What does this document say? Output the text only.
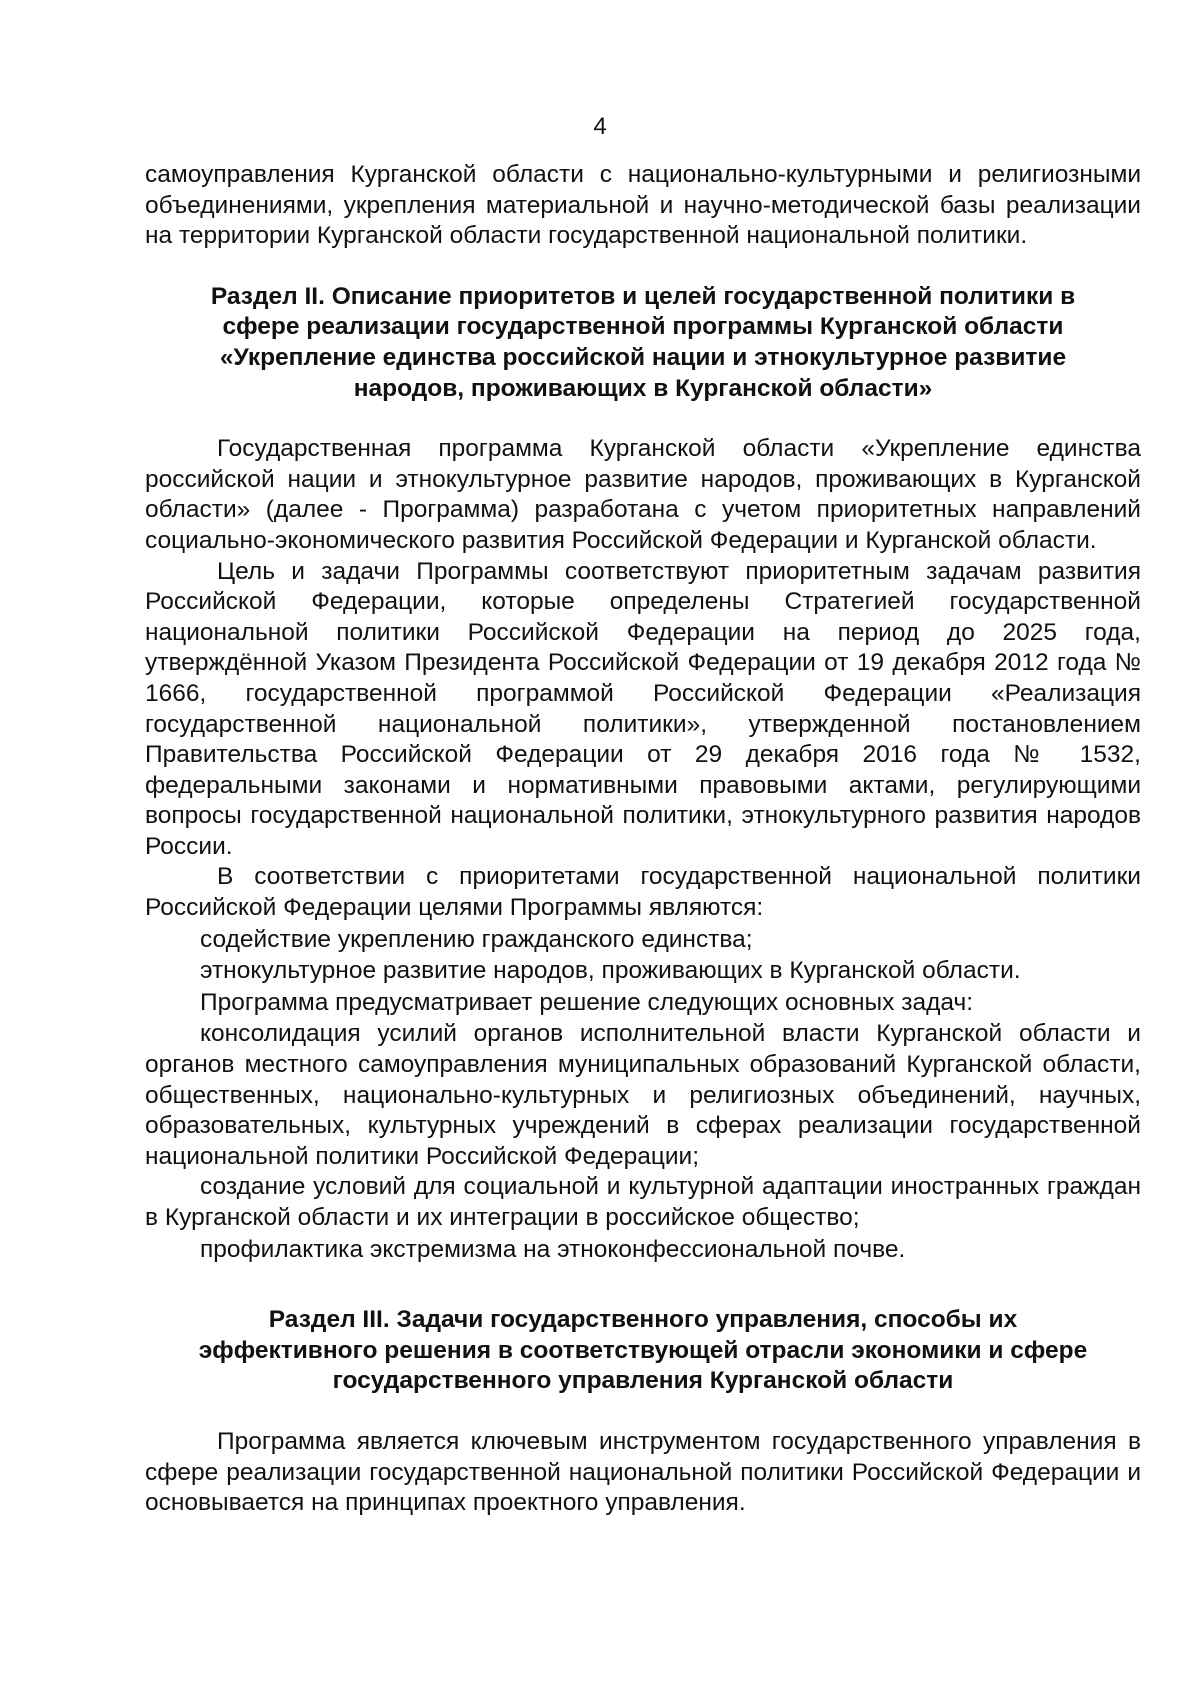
4

самоуправления Курганской области с национально-культурными и религиозными объединениями, укрепления материальной и научно-методической базы реализации на территории Курганской области государственной национальной политики.

Раздел II. Описание приоритетов и целей государственной политики в
сфере реализации государственной программы Курганской области
«Укрепление единства российской нации и этнокультурное развитие
народов, проживающих в Курганской области»

Государственная программа Курганской области «Укрепление единства российской нации и этнокультурное развитие народов, проживающих в Курганской области» (далее - Программа) разработана с учетом приоритетных направлений социально-экономического развития Российской Федерации и Курганской области.

Цель и задачи Программы соответствуют приоритетным задачам развития Российской Федерации, которые определены Стратегией государственной национальной политики Российской Федерации на период до 2025 года, утверждённой Указом Президента Российской Федерации от 19 декабря 2012 года № 1666, государственной программой Российской Федерации «Реализация государственной национальной политики», утвержденной постановлением Правительства Российской Федерации от 29 декабря 2016 года № 1532, федеральными законами и нормативными правовыми актами, регулирующими вопросы государственной национальной политики, этнокультурного развития народов России.

В соответствии с приоритетами государственной национальной политики Российской Федерации целями Программы являются:

содействие укреплению гражданского единства;

этнокультурное развитие народов, проживающих в Курганской области.

Программа предусматривает решение следующих основных задач:

консолидация усилий органов исполнительной власти Курганской области и органов местного самоуправления муниципальных образований Курганской области, общественных, национально-культурных и религиозных объединений, научных, образовательных, культурных учреждений в сферах реализации государственной национальной политики Российской Федерации;

создание условий для социальной и культурной адаптации иностранных граждан в Курганской области и их интеграции в российское общество;

профилактика экстремизма на этноконфессиональной почве.

Раздел III. Задачи государственного управления, способы их
эффективного решения в соответствующей отрасли экономики и сфере
государственного управления Курганской области

Программа является ключевым инструментом государственного управления в сфере реализации государственной национальной политики Российской Федерации и основывается на принципах проектного управления.
